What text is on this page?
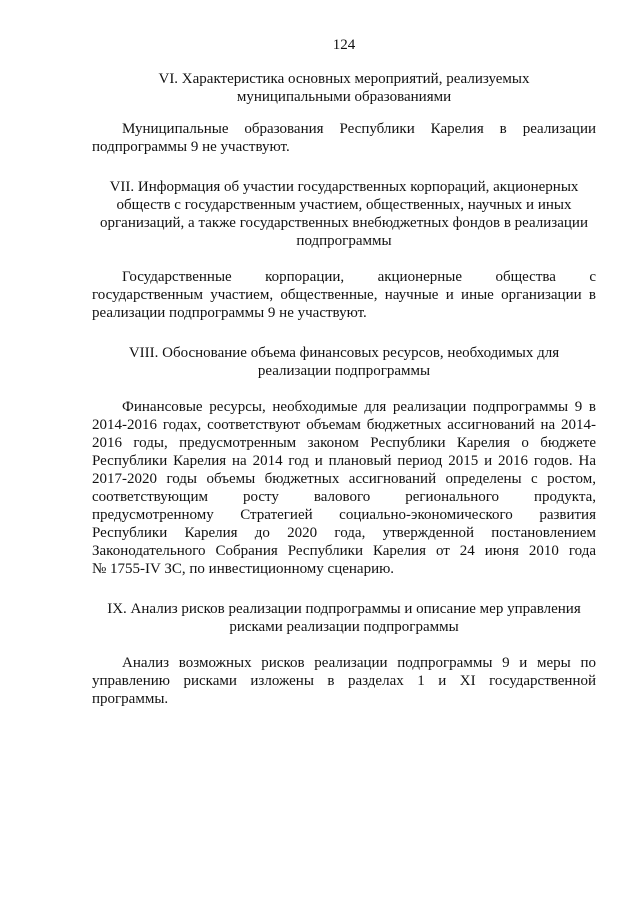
124
VI. Характеристика основных мероприятий, реализуемых
муниципальными образованиями
Муниципальные образования Республики Карелия в реализации
подпрограммы 9 не участвуют.
VII. Информация об участии государственных корпораций, акционерных
обществ с государственным участием, общественных, научных и иных
организаций, а также государственных внебюджетных фондов в реализации
подпрограммы
Государственные корпорации, акционерные общества с
государственным участием, общественные, научные и иные организации в
реализации подпрограммы 9 не участвуют.
VIII. Обоснование объема финансовых ресурсов, необходимых для
реализации подпрограммы
Финансовые ресурсы, необходимые для реализации подпрограммы 9 в
2014-2016 годах, соответствуют объемам бюджетных ассигнований на 2014-
2016 годы, предусмотренным законом Республики Карелия о бюджете
Республики Карелия на 2014 год и плановый период 2015 и 2016 годов. На
2017-2020 годы объемы бюджетных ассигнований определены с ростом,
соответствующим росту валового регионального продукта,
предусмотренному Стратегией социально-экономического развития
Республики Карелия до 2020 года, утвержденной постановлением
Законодательного Собрания Республики Карелия от 24 июня 2010 года
№ 1755-IV ЗС, по инвестиционному сценарию.
IX. Анализ рисков реализации подпрограммы и описание мер управления
рисками реализации подпрограммы
Анализ возможных рисков реализации подпрограммы 9 и меры по
управлению рисками изложены в разделах 1 и XI государственной
программы.
